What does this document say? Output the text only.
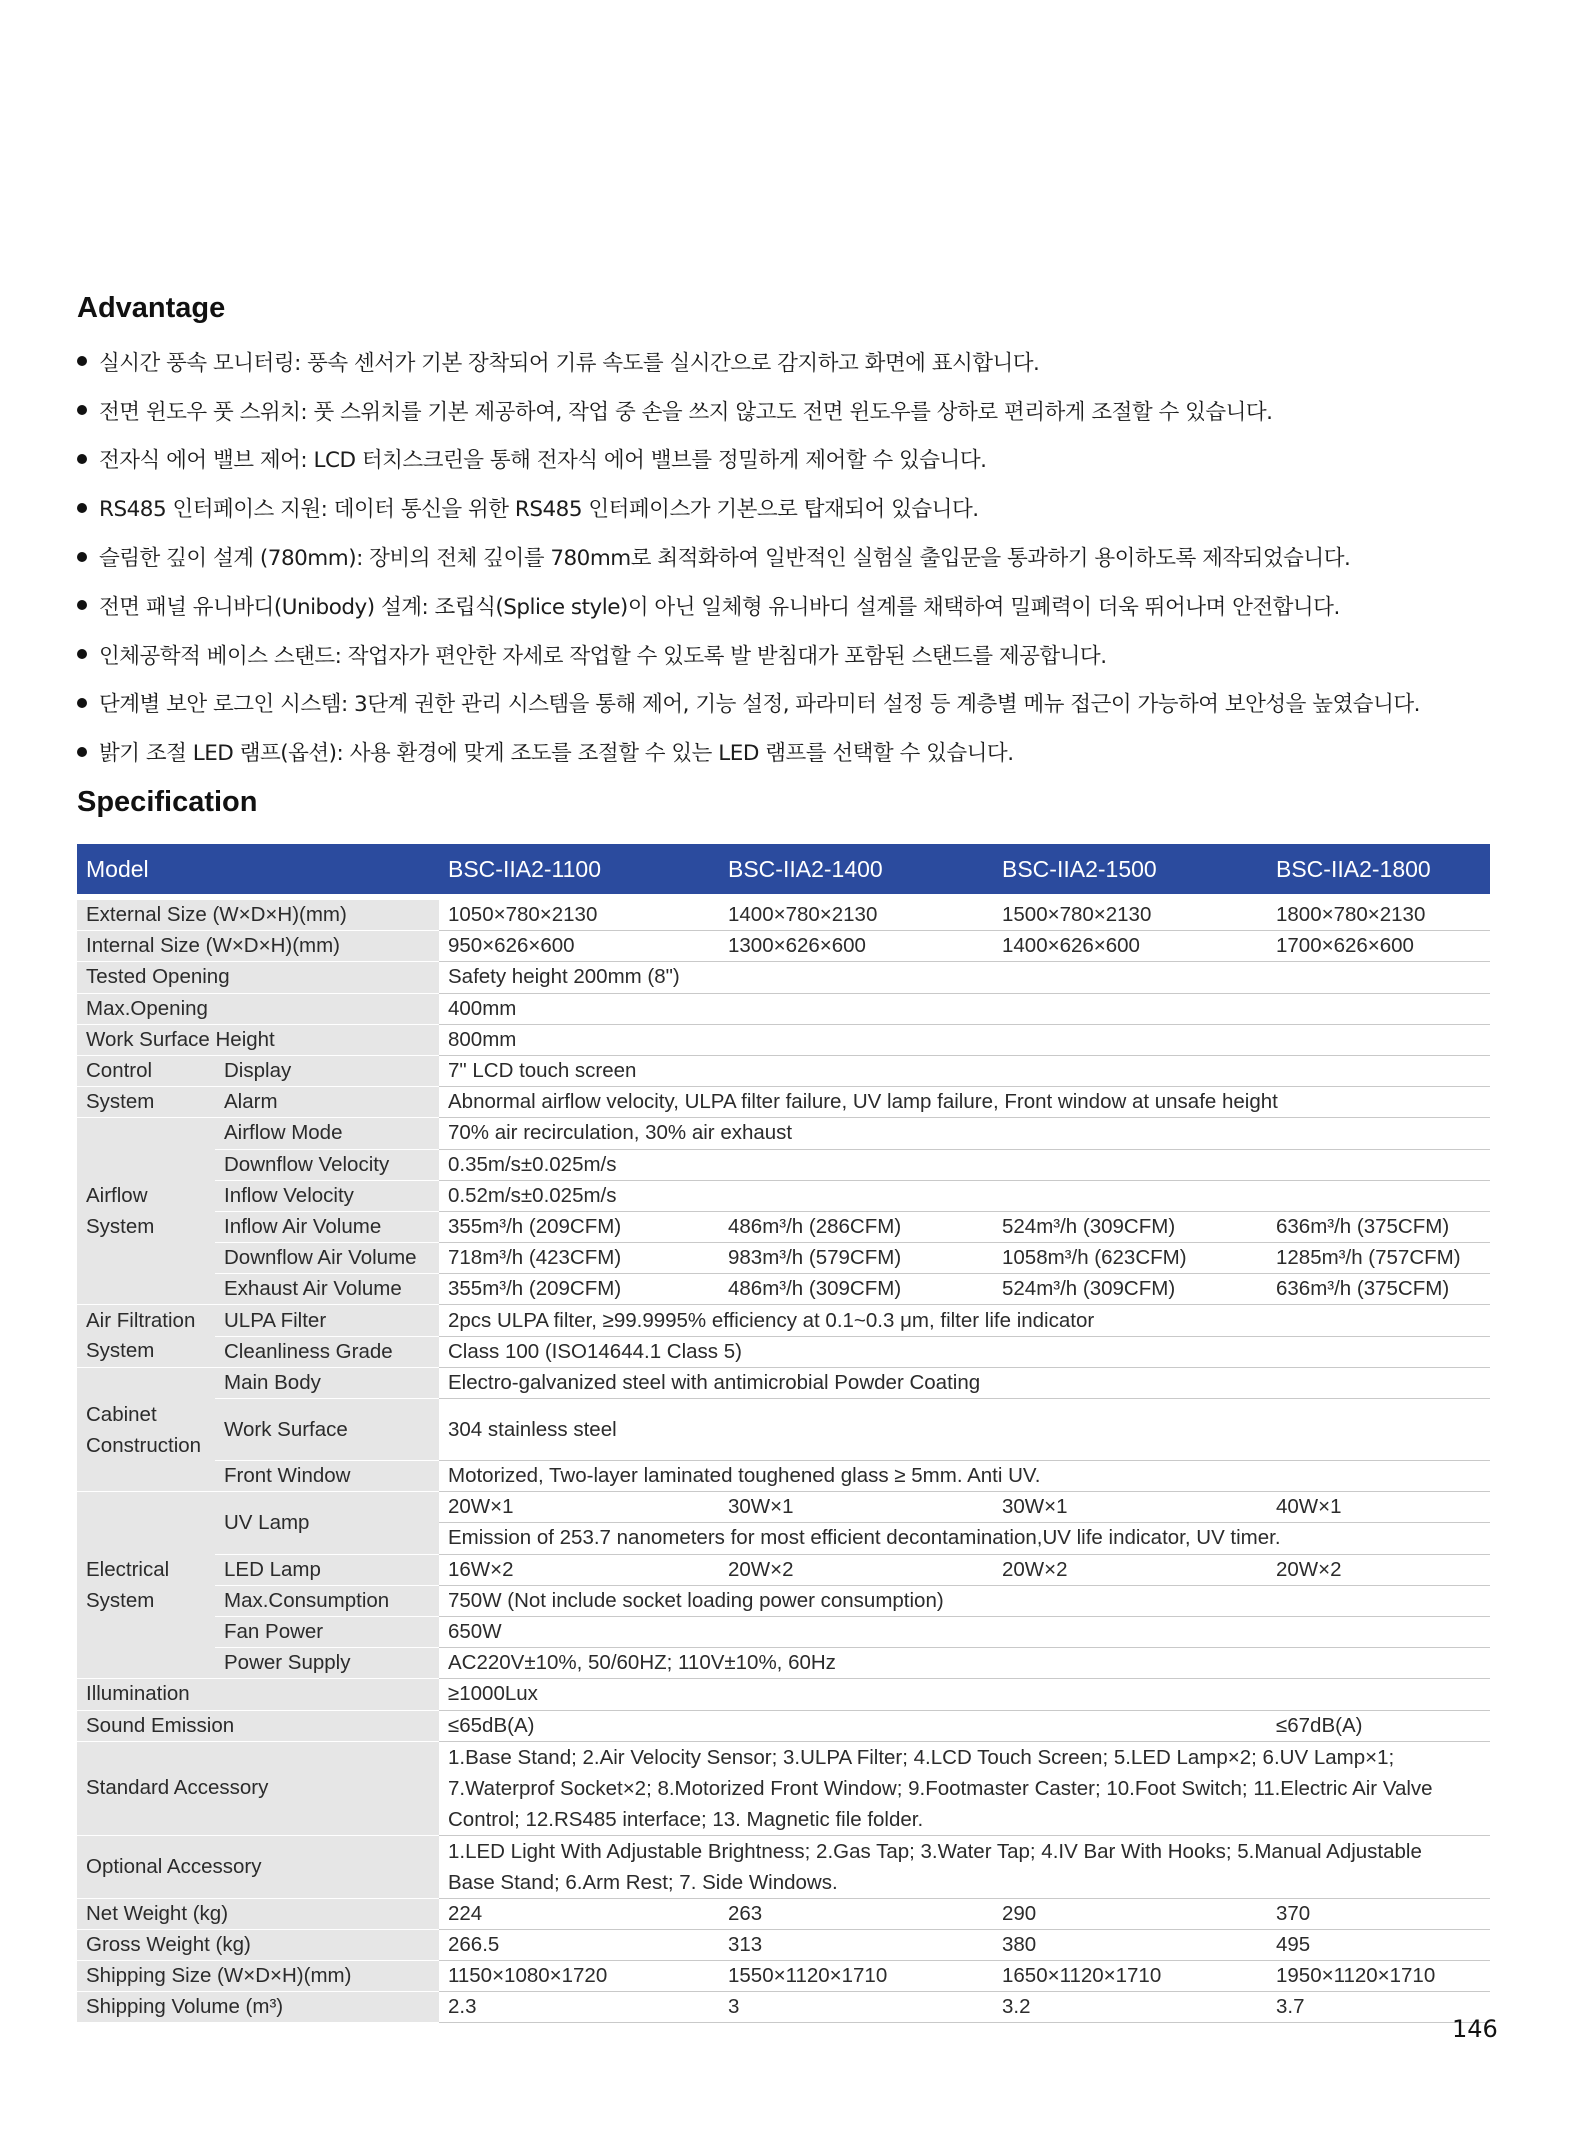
Advantage
실시간 풍속 모니터링: 풍속 센서가 기본 장착되어 기류 속도를 실시간으로 감지하고 화면에 표시합니다.
전면 윈도우 풋 스위치: 풋 스위치를 기본 제공하여, 작업 중 손을 쓰지 않고도 전면 윈도우를 상하로 편리하게 조절할 수 있습니다.
전자식 에어 밸브 제어: LCD 터치스크린을 통해 전자식 에어 밸브를 정밀하게 제어할 수 있습니다.
RS485 인터페이스 지원: 데이터 통신을 위한 RS485 인터페이스가 기본으로 탑재되어 있습니다.
슬림한 깊이 설계 (780mm): 장비의 전체 깊이를 780mm로 최적화하여 일반적인 실험실 출입문을 통과하기 용이하도록 제작되었습니다.
전면 패널 유니바디(Unibody) 설계: 조립식(Splice style)이 아닌 일체형 유니바디 설계를 채택하여 밀폐력이 더욱 뛰어나며 안전합니다.
인체공학적 베이스 스탠드: 작업자가 편안한 자세로 작업할 수 있도록 발 받침대가 포함된 스탠드를 제공합니다.
단계별 보안 로그인 시스템: 3단계 권한 관리 시스템을 통해 제어, 기능 설정, 파라미터 설정 등 계층별 메뉴 접근이 가능하여 보안성을 높였습니다.
밝기 조절 LED 램프(옵션): 사용 환경에 맞게 조도를 조절할 수 있는 LED 램프를 선택할 수 있습니다.
Specification
Model		BSC-IIA2-1100	BSC-IIA2-1400	BSC-IIA2-1500	BSC-IIA2-1800

External Size (W×D×H)(mm)		1050×780×2130	1400×780×2130	1500×780×2130	1800×780×2130
Internal Size (W×D×H)(mm)		950×626×600	1300×626×600	1400×626×600	1700×626×600
Tested Opening		Safety height 200mm (8")			
Max.Opening		400mm			
Work Surface Height		800mm			
Control	Display	7" LCD touch screen			
System	Alarm	Abnormal airflow velocity, ULPA filter failure, UV lamp failure, Front window at unsafe height			
	Airflow Mode	70% air recirculation, 30% air exhaust			
	Downflow Velocity	0.35m/s±0.025m/s			
Airflow	Inflow Velocity	0.52m/s±0.025m/s			
System	Inflow Air Volume	355m³/h (209CFM)	486m³/h (286CFM)	524m³/h (309CFM)	636m³/h (375CFM)
	Downflow Air Volume	718m³/h (423CFM)	983m³/h (579CFM)	1058m³/h (623CFM)	1285m³/h (757CFM)
	Exhaust Air Volume	355m³/h (209CFM)	486m³/h (309CFM)	524m³/h (309CFM)	636m³/h (375CFM)
Air Filtration	ULPA Filter	2pcs ULPA filter, ≥99.9995% efficiency at 0.1~0.3 μm, filter life indicator			
System	Cleanliness Grade	Class 100 (ISO14644.1 Class 5)			
	Main Body	Electro-galvanized steel with antimicrobial Powder Coating			
Cabinet
Construction	Work Surface	304 stainless steel			
	Front Window	Motorized, Two-layer laminated toughened glass ≥ 5mm. Anti UV.			
	UV Lamp	20W×1	30W×1	30W×1	40W×1
		Emission of 253.7 nanometers for most efficient decontamination,UV life indicator, UV timer.			
Electrical	LED Lamp	16W×2	20W×2	20W×2	20W×2
System	Max.Consumption	750W (Not include socket loading power consumption)			
	Fan Power	650W			
	Power Supply	AC220V±10%, 50/60HZ; 110V±10%, 60Hz			
Illumination		≥1000Lux			
Sound Emission		≤65dB(A)			≤67dB(A)
Standard Accessory		1.Base Stand; 2.Air Velocity Sensor; 3.ULPA Filter; 4.LCD Touch Screen; 5.LED Lamp×2; 6.UV Lamp×1;
7.Waterprof Socket×2; 8.Motorized Front Window; 9.Footmaster Caster; 10.Foot Switch; 11.Electric Air Valve
Control; 12.RS485 interface; 13. Magnetic file folder.			
Optional Accessory		1.LED Light With Adjustable Brightness; 2.Gas Tap; 3.Water Tap; 4.IV Bar With Hooks; 5.Manual Adjustable
Base Stand; 6.Arm Rest; 7. Side Windows.			
Net Weight (kg)		224	263	290	370
Gross Weight (kg)		266.5	313	380	495
Shipping Size (W×D×H)(mm)		1150×1080×1720	1550×1120×1710	1650×1120×1710	1950×1120×1710
Shipping Volume (m³)		2.3	3	3.2	3.7
146
